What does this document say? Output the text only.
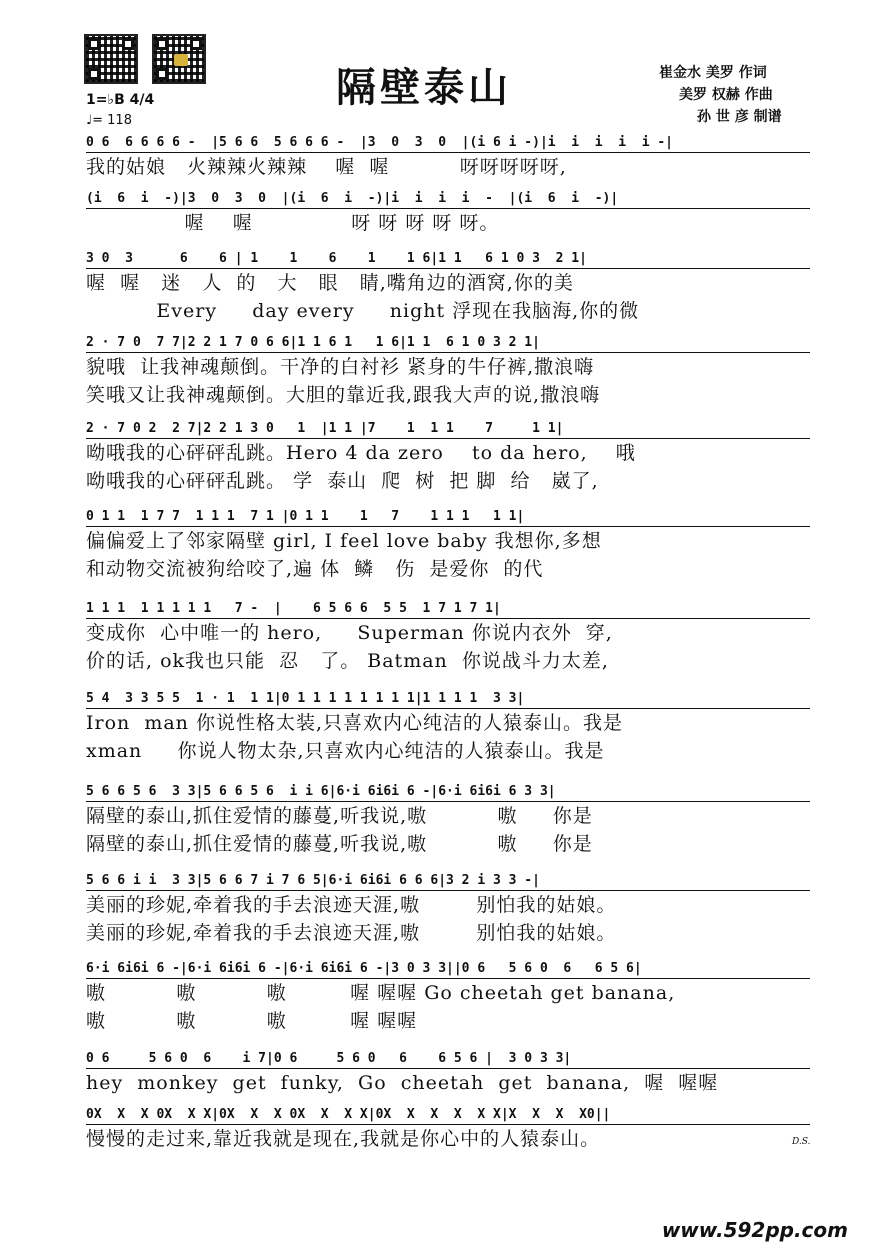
隔壁泰山	崔金水 美罗 作词
美罗 权赫 作曲
孙 世 彦 制谱
1=♭B 4/4
♩= 118
0 6  6 6 6 6 -  |5 6 6  5 6 6 6 -  |3  0  3  0  |(i 6 i -)|i  i  i  i  i -|
我的姑娘   火辣辣火辣辣    喔  喔          呀呀呀呀呀,
(i  6  i  -)|3  0  3  0  |(i  6  i  -)|i  i  i  i  -  |(i  6  i  -)|
喔    喔              呀 呀 呀 呀 呀。
3 0  3      6    6 | 1    1    6    1    1 6|1 1   6 1 0 3  2 1|
喔  喔   迷   人  的   大   眼   睛,嘴角边的酒窝,你的美
Every     day every     night 浮现在我脑海,你的微
2 · 7 0  7 7|2 2 1 7 0 6 6|1 1 6 1   1 6|1 1  6 1 0 3 2 1|
貌哦  让我神魂颠倒。干净的白衬衫 紧身的牛仔裤,撒浪嗨
笑哦又让我神魂颠倒。大胆的靠近我,跟我大声的说,撒浪嗨
2 · 7 0 2  2 7|2 2 1 3 0   1  |1 1 |7    1  1 1    7     1 1|
呦哦我的心砰砰乱跳。Hero 4 da zero    to da hero,    哦
呦哦我的心砰砰乱跳。 学  泰山  爬  树  把 脚  给   崴了,
0 1 1  1 7 7  1 1 1  7 1 |0 1 1    1   7    1 1 1   1 1|
偏偏爱上了邻家隔壁 girl, I feel love baby 我想你,多想
和动物交流被狗给咬了,遍 体  鳞   伤  是爱你  的代
1 1 1  1 1 1 1 1   7 -  |    6 5 6 6  5 5  1 7 1 7 1|
变成你  心中唯一的 hero,     Superman 你说内衣外  穿,
价的话, ok我也只能  忍   了。 Batman  你说战斗力太差,
5 4  3 3 5 5  1 · 1  1 1|0 1 1 1 1 1 1 1 1|1 1 1 1  3 3|
Iron  man 你说性格太装,只喜欢内心纯洁的人猿泰山。我是
xman     你说人物太杂,只喜欢内心纯洁的人猿泰山。我是
5 6 6 5 6  3 3|5 6 6 5 6  i i 6|6·i 6i6i 6 -|6·i 6i6i 6 3 3|
隔壁的泰山,抓住爱情的藤蔓,听我说,嗷          嗷     你是
隔壁的泰山,抓住爱情的藤蔓,听我说,嗷          嗷     你是
5 6 6 i i  3 3|5 6 6 7 i 7 6 5|6·i 6i6i 6 6 6|3 2 i 3 3 -|
美丽的珍妮,牵着我的手去浪迹天涯,嗷        别怕我的姑娘。
美丽的珍妮,牵着我的手去浪迹天涯,嗷        别怕我的姑娘。
6·i 6i6i 6 -|6·i 6i6i 6 -|6·i 6i6i 6 -|3 0 3 3||0 6   5 6 0  6   6 5 6|
嗷          嗷          嗷         喔 喔喔 Go cheetah get banana,
嗷          嗷          嗷         喔 喔喔
0 6     5 6 0  6    i 7|0 6     5 6 0   6    6 5 6 |  3 0 3 3|
hey  monkey  get  funky,  Go  cheetah  get  banana,  喔  喔喔
0X  X  X 0X  X X|0X  X  X 0X  X  X X|0X  X  X  X  X X|X  X  X  X0||
慢慢的走过来,靠近我就是现在,我就是你心中的人猿泰山。	D.S.
www.592pp.com
